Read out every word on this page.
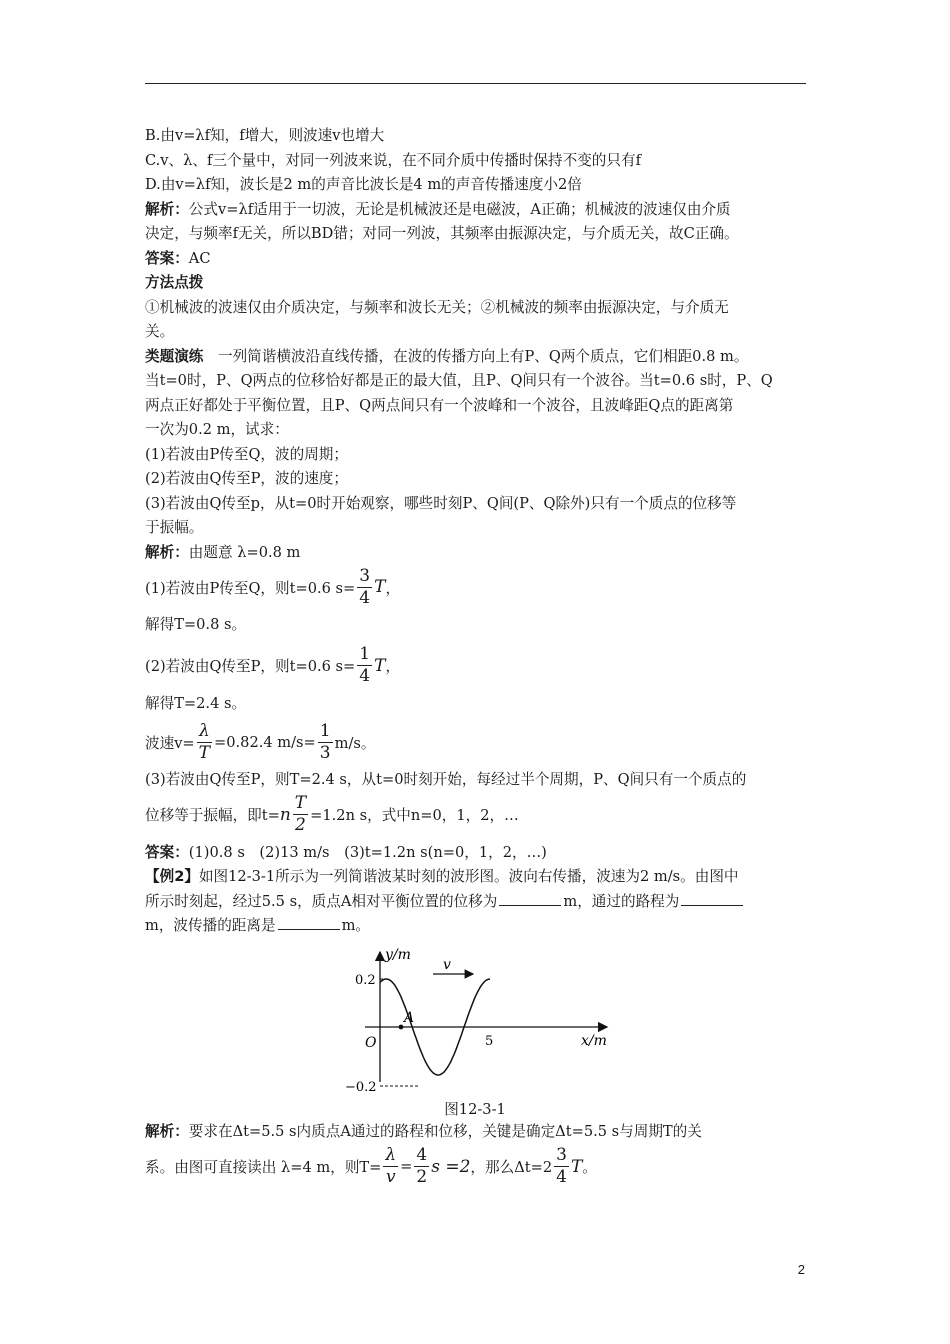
B.由v=λf知，f增大，则波速v也增大
C.v、λ、f三个量中，对同一列波来说，在不同介质中传播时保持不变的只有f
D.由v=λf知，波长是2 m的声音比波长是4 m的声音传播速度小2倍
解析：公式v=λf适用于一切波，无论是机械波还是电磁波，A正确；机械波的波速仅由介质
决定，与频率f无关，所以BD错；对同一列波，其频率由振源决定，与介质无关，故C正确。
答案：AC
方法点拨
①机械波的波速仅由介质决定，与频率和波长无关；②机械波的频率由振源决定，与介质无
关。
类题演练　一列简谐横波沿直线传播，在波的传播方向上有P、Q两个质点，它们相距0.8 m。
当t=0时，P、Q两点的位移恰好都是正的最大值，且P、Q间只有一个波谷。当t=0.6 s时，P、Q
两点正好都处于平衡位置，且P、Q两点间只有一个波峰和一个波谷，且波峰距Q点的距离第
一次为0.2 m，试求：
(1)若波由P传至Q，波的周期；
(2)若波由Q传至P，波的速度；
(3)若波由Q传至p，从t=0时开始观察，哪些时刻P、Q间(P、Q除外)只有一个质点的位移等
于振幅。
解析：由题意 λ=0.8 m
(1)若波由P传至Q，则t=0.6 $s= \frac{3}{4}$ T ，
解得T=0.8 s。
(2)若波由Q传至P，则t=0.6 $s= \frac{1}{4}$ T ，
解得T=2.4 s。
波速$v= \frac{\lambda}{T} =0.82.4$ $m/s= \frac{1}{3} m/s$。
(3)若波由Q传至P，则T=2.4 s，从t=0时刻开始，每经过半个周期，P、Q间只有一个质点的
位移等于振幅，即t= n $\frac{T}{2} =1.2n$ s，式中n=0，1，2，…
答案：(1)0.8 s　(2)13 m/s　(3)t=1.2n s(n=0，1，2，…)
【例2】如图12-3-1所示为一列简谐波某时刻的波形图。波向右传播，波速为2 m/s。由图中
所示时刻起，经过5.5 s，质点A相对平衡位置的位移为	m，通过的路程为
m，波传播的距离是	m。
y/m
x/m
0.2
−0.2
O	5
A
v
图12-3-1
解析：要求在Δt=5.5 s内质点A通过的路程和位移，关键是确定Δt=5.5 s与周期T的关
系。由图可直接读出 λ=4 m，则$T= \frac{\lambda}{v} = \frac{4}{2}$ s =2 ，那么$\Delta t=2 \frac{3}{4}$ T 。
2
